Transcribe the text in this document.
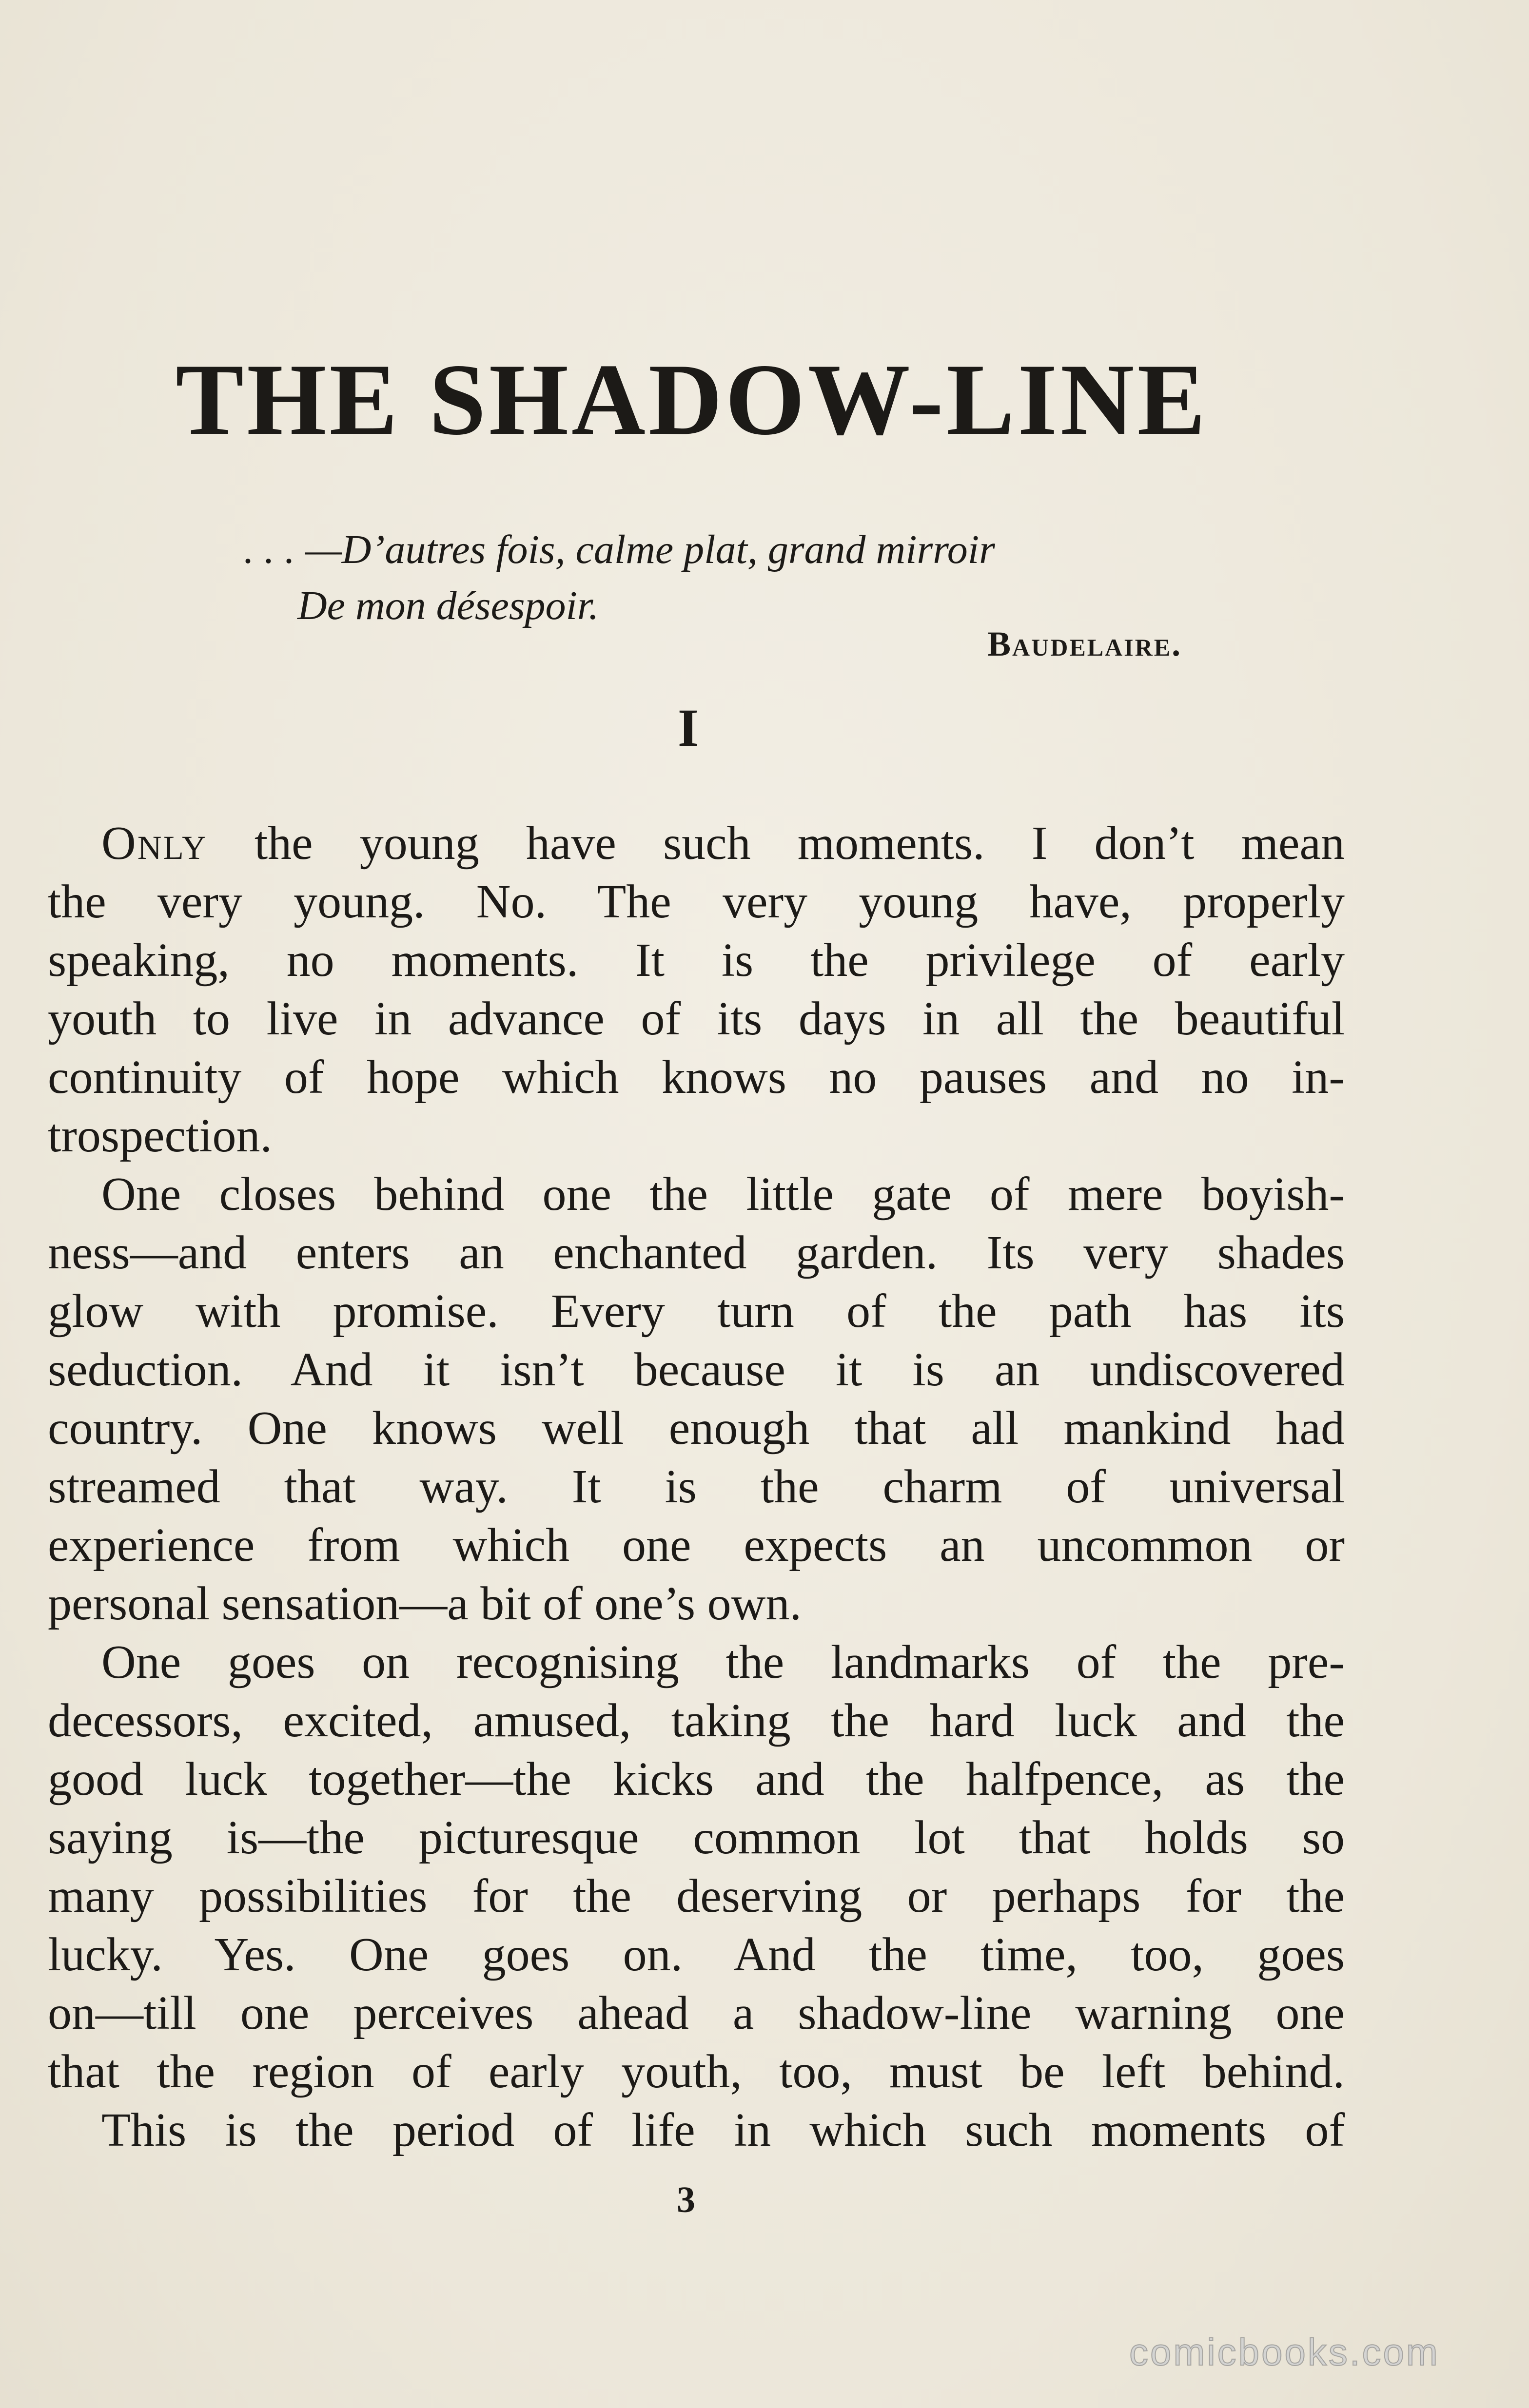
THE SHADOW-LINE
. . . —D’autres fois, calme plat, grand mirroir
De mon désespoir.
Baudelaire.
I
Only the young have such moments. I don’t mean
the very young. No. The very young have, properly
speaking, no moments. It is the privilege of early
youth to live in advance of its days in all the beautiful
continuity of hope which knows no pauses and no in-
trospection.
One closes behind one the little gate of mere boyish-
ness—and enters an enchanted garden. Its very shades
glow with promise. Every turn of the path has its
seduction. And it isn’t because it is an undiscovered
country. One knows well enough that all mankind had
streamed that way. It is the charm of universal
experience from which one expects an uncommon or
personal sensation—a bit of one’s own.
One goes on recognising the landmarks of the pre-
decessors, excited, amused, taking the hard luck and the
good luck together—the kicks and the halfpence, as the
saying is—the picturesque common lot that holds so
many possibilities for the deserving or perhaps for the
lucky. Yes. One goes on. And the time, too, goes
on—till one perceives ahead a shadow-line warning one
that the region of early youth, too, must be left behind.
This is the period of life in which such moments of
3
comicbooks.com
